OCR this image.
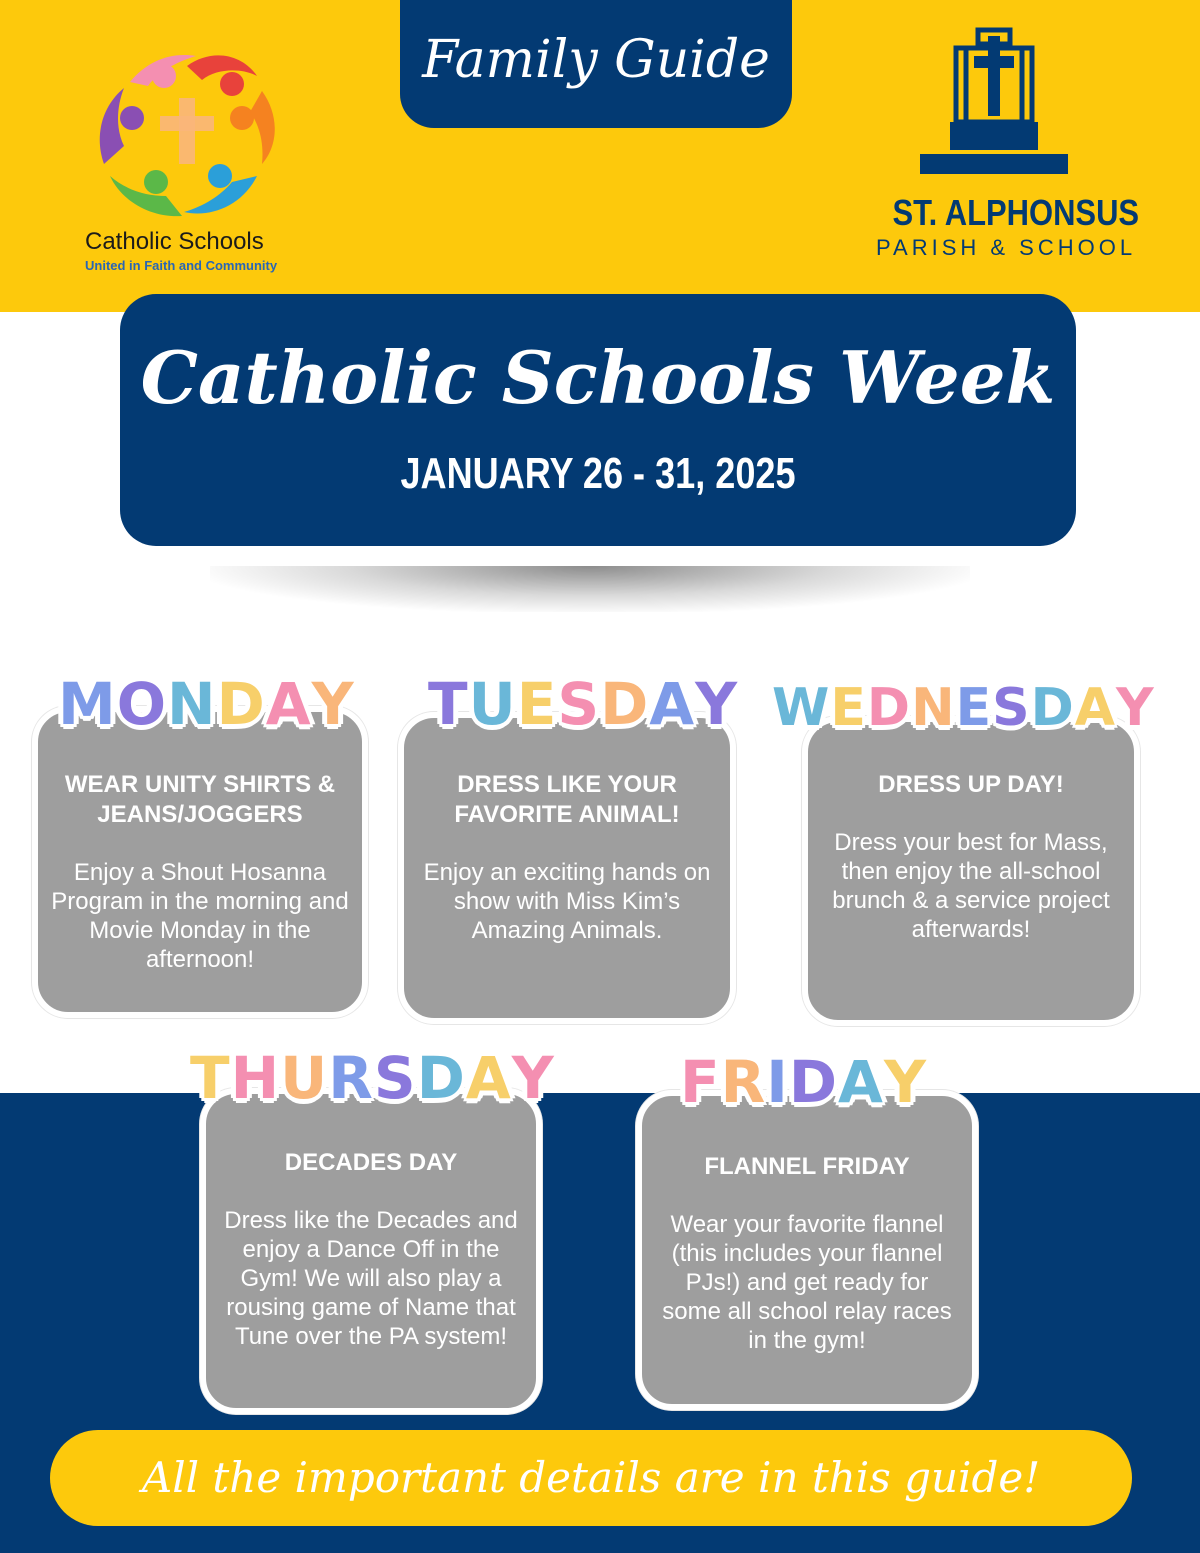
Family Guide
Catholic Schools
United in Faith and Community
ST. ALPHONSUS
PARISH & SCHOOL
Catholic Schools Week
JANUARY 26 - 31, 2025

WEAR UNITY SHIRTS & JEANS/JOGGERS

Enjoy a Shout Hosanna Program in the morning and Movie Monday in the afternoon!

MONDAY

DRESS LIKE YOUR FAVORITE ANIMAL!

Enjoy an exciting hands on show with Miss Kim’s Amazing Animals.

TUESDAY

DRESS UP DAY!

Dress your best for Mass, then enjoy the all-school brunch & a service project afterwards!

WEDNESDAY

DECADES DAY

Dress like the Decades and enjoy a Dance Off in the Gym! We will also play a rousing game of Name that Tune over the PA system!

THURSDAY

FLANNEL FRIDAY

Wear your favorite flannel (this includes your flannel PJs!) and get ready for some all school relay races in the gym!

FRIDAY
All the important details are in this guide!
